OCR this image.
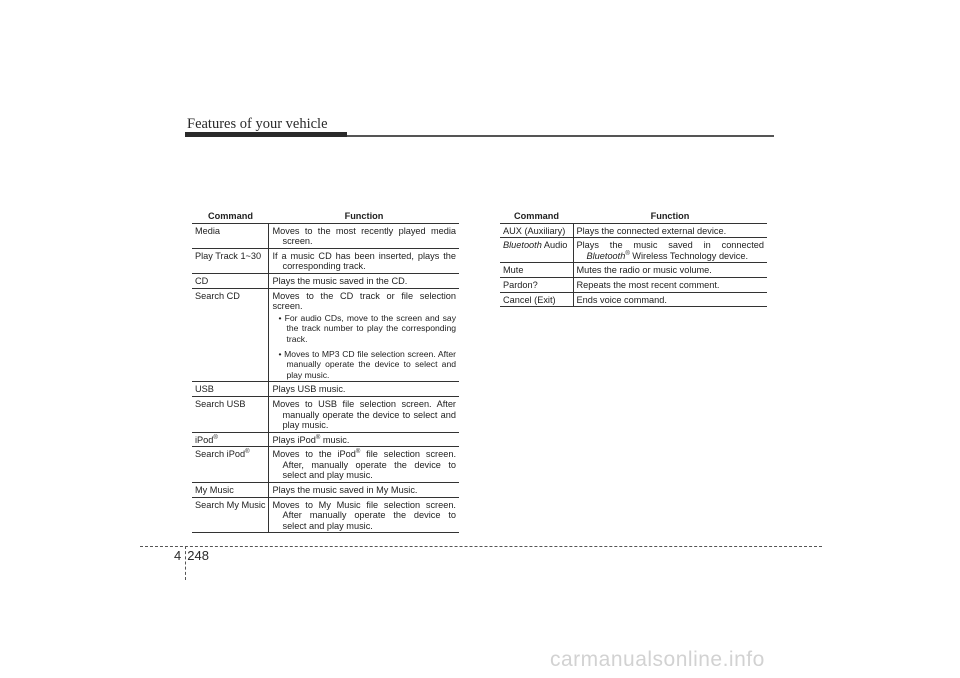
Features of your vehicle
Command	Function
Media	Moves to the most recently played media screen.

Play Track 1~30	If a music CD has been inserted, plays the corresponding track.

CD	Plays the music saved in the CD.
Search CD	Moves to the CD track or file selection screen.
• For audio CDs, move to the screen and say the track number to play the corresponding track.
• Moves to MP3 CD file selection screen. After manually operate the device to select and play music.

USB	Plays USB music.
Search USB	Moves to USB file selection screen. After manually operate the device to select and play music.

iPod®	Plays iPod® music.
Search iPod®	Moves to the iPod® file selection screen. After, manually operate the device to select and play music.

My Music	Plays the music saved in My Music.
Search My Music	Moves to My Music file selection screen. After manually operate the device to select and play music.
Command	Function
AUX (Auxiliary)	Plays the connected external device.
Bluetooth Audio	Plays the music saved in connected
Bluetooth® Wireless Technology device.

Mute	Mutes the radio or music volume.
Pardon?	Repeats the most recent comment.
Cancel (Exit)	Ends voice command.
4 248
carmanualsonline.info
